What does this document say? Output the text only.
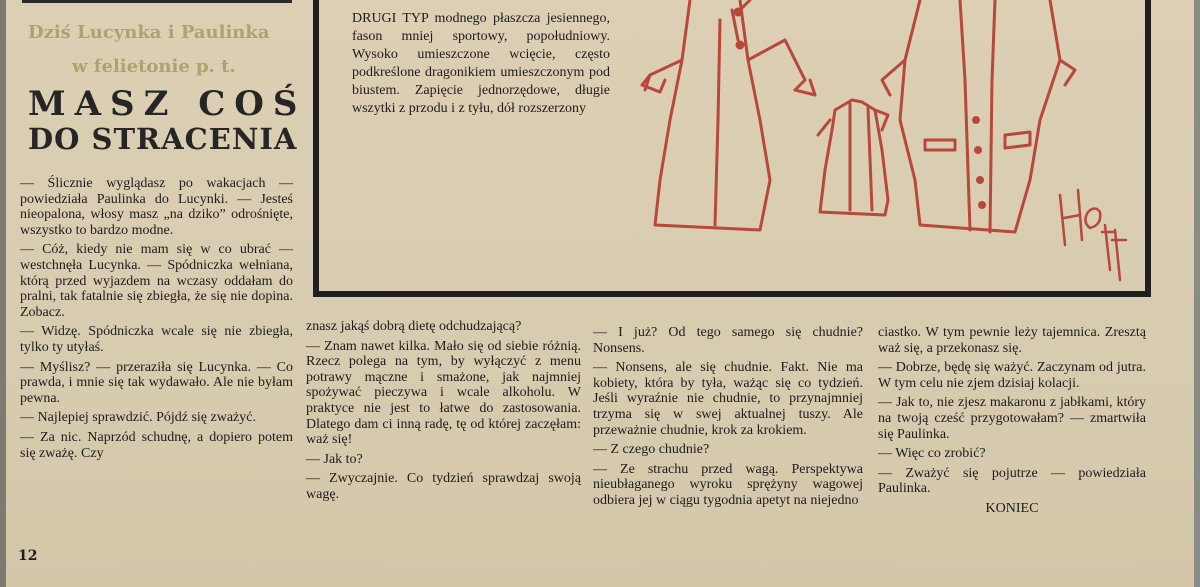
Dziś Lucynka i Paulinka
w felietonie p. t.
MASZ COŚ
DO STRACENIA

— Ślicznie wyglądasz po wakacjach — powiedziała Paulinka do Lucynki. — Jesteś nieopalona, włosy masz „na dziko” odrośnięte, wszystko to bardzo modne.

— Cóż, kiedy nie mam się w co ubrać — westchnęła Lucynka. — Spódniczka wełniana, którą przed wyjazdem na wczasy oddałam do pralni, tak fatalnie się zbiegła, że się nie dopina. Zobacz.

— Widzę. Spódniczka wcale się nie zbiegła, tylko ty utyłaś.

— Myślisz? — przeraziła się Lucynka. — Co prawda, i mnie się tak wydawało. Ale nie byłam pewna.

— Najlepiej sprawdzić. Pójdź się zważyć.

— Za nic. Naprzód schudnę, a dopiero potem się zważę. Czy

12

DRUGI TYP modnego płaszcza jesiennego, fason mniej sportowy, popołudniowy. Wysoko umieszczone wcięcie, często podkreślone dragonikiem umieszczonym pod biustem. Zapięcie jednorzędowe, długie wszytki z przodu i z tyłu, dół rozszerzony

znasz jakąś dobrą dietę odchudzającą?

— Znam nawet kilka. Mało się od siebie różnią. Rzecz polega na tym, by wyłączyć z menu potrawy mączne i smażone, jak najmniej spożywać pieczywa i wcale alkoholu. W praktyce nie jest to łatwe do zastosowania. Dlatego dam ci inną radę, tę od której zaczęłam: waż się!

— Jak to?

— Zwyczajnie. Co tydzień sprawdzaj swoją wagę.

— I już? Od tego samego się chudnie? Nonsens.

— Nonsens, ale się chudnie. Fakt. Nie ma kobiety, która by tyła, ważąc się co tydzień. Jeśli wyraźnie nie chudnie, to przynajmniej trzyma się w swej aktualnej tuszy. Ale przeważnie chudnie, krok za krokiem.

— Z czego chudnie?

— Ze strachu przed wagą. Perspektywa nieubłaganego wyroku sprężyny wagowej odbiera jej w ciągu tygodnia apetyt na niejedno

ciastko. W tym pewnie leży tajemnica. Zresztą waż się, a przekonasz się.

— Dobrze, będę się ważyć. Zaczynam od jutra. W tym celu nie zjem dzisiaj kolacji.

— Jak to, nie zjesz makaronu z jabłkami, który na twoją cześć przygotowałam? — zmartwiła się Paulinka.

— Więc co zrobić?

— Zważyć się pojutrze — powiedziała Paulinka.

KONIEC
